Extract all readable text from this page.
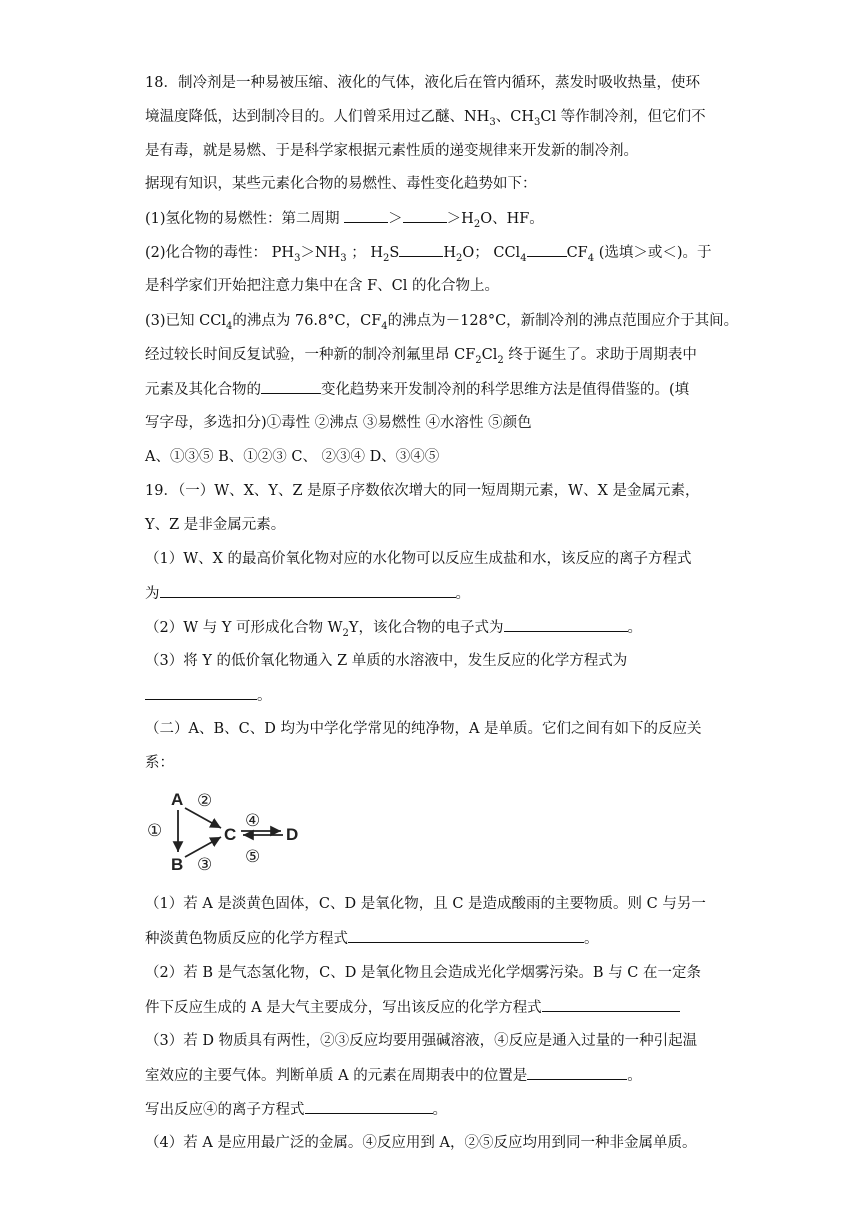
18．制冷剂是一种易被压缩、液化的气体，液化后在管内循环，蒸发时吸收热量，使环
境温度降低，达到制冷目的。人们曾采用过乙醚、$NH_3$、$CH_3Cl$ 等作制冷剂，但它们不
是有毒，就是易燃、于是科学家根据元素性质的递变规律来开发新的制冷剂。
据现有知识，某些元素化合物的易燃性、毒性变化趋势如下：
(1)氢化物的易燃性：第二周期	＞	$>H_2O$、HF。
(2)化合物的毒性： $PH_3>NH_3$ ； $H_2S$	$H_2O$； CCl$_4$	$CF_4$ (选填＞或＜)。于
是科学家们开始把注意力集中在含 F、Cl 的化合物上。
(3)已知 CCl$_4$的沸点为 76.8°C，$CF_4$的沸点为－128°C，新制冷剂的沸点范围应介于其间。
经过较长时间反复试验，一种新的制冷剂氟里昂 $CF_2Cl_2$ 终于诞生了。求助于周期表中
元素及其化合物的	变化趋势来开发制冷剂的科学思维方法是值得借鉴的。(填
写字母，多选扣分)①毒性 ②沸点 ③易燃性 ④水溶性 ⑤颜色
A、①③⑤ B、①②③ C、 ②③④ D、③④⑤
19．（一）W、X、Y、Z 是原子序数依次增大的同一短周期元素，W、X 是金属元素，
Y、Z 是非金属元素。
（1）W、X 的最高价氧化物对应的水化物可以反应生成盐和水，该反应的离子方程式
为	。
（2）W 与 Y 可形成化合物 $W_2Y$，该化合物的电子式为	。
（3）将 Y 的低价氧化物通入 Z 单质的水溶液中，发生反应的化学方程式为
。
（二）A、B、C、D 均为中学化学常见的纯净物，A 是单质。它们之间有如下的反应关
系：
A
B
C	D
②
①
③
④
⑤
（1）若 A 是淡黄色固体，C、D 是氧化物，且 C 是造成酸雨的主要物质。则 C 与另一
种淡黄色物质反应的化学方程式	。
（2）若 B 是气态氢化物，C、D 是氧化物且会造成光化学烟雾污染。B 与 C 在一定条
件下反应生成的 A 是大气主要成分，写出该反应的化学方程式
（3）若 D 物质具有两性，②③反应均要用强碱溶液，④反应是通入过量的一种引起温
室效应的主要气体。判断单质 A 的元素在周期表中的位置是	。
写出反应④的离子方程式	。
（4）若 A 是应用最广泛的金属。④反应用到 A，②⑤反应均用到同一种非金属单质。
